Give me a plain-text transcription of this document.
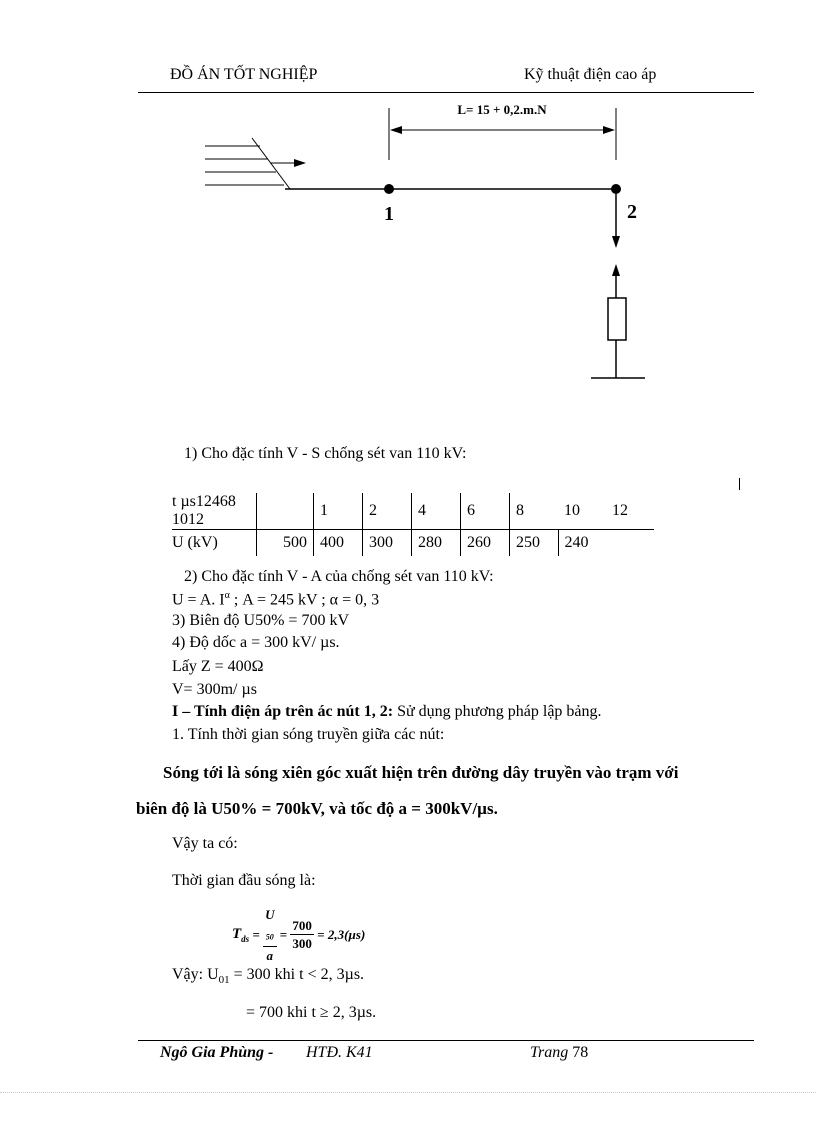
ĐỒ ÁN TỐT NGHIỆP	Kỹ thuật điện cao áp
L= 15 + 0,2.m.N
1	2
1) Cho đặc tính V - S chống sét van 110 kV:
t µs12468 1012		1	2	4	6	8	10	12
U (kV)	500	400	300	280	260	250	240	
2) Cho đặc tính V - A của chống sét van 110 kV:
U = A. $I^\alpha$ ; A = 245 kV ; α = 0, 3
3) Biên độ U50% = 700 kV
4) Độ dốc a = 300 kV/ µs.
Lấy Z = 400Ω
V= 300m/ µs
I – Tính điện áp trên ác nút 1, 2: Sử dụng phương pháp lập bảng.
1. Tính thời gian sóng truyền giữa các nút:
Sóng tới là sóng xiên góc xuất hiện trên đường dây truyền vào trạm với
biên độ là U50% = 700kV, và tốc độ a = 300kV/µs.
Vậy ta có:
Thời gian đầu sóng là:
$T_{ds} = U$
$_{50}$
$a = \frac{700}{300} = 2,3(\mu s)$
Vậy: $U_{01} = 300$ khi t < 2, 3µs.
= 700 khi t ≥ 2, 3µs.
Ngô Gia Phùng - HTĐ. K41	Trang 78
